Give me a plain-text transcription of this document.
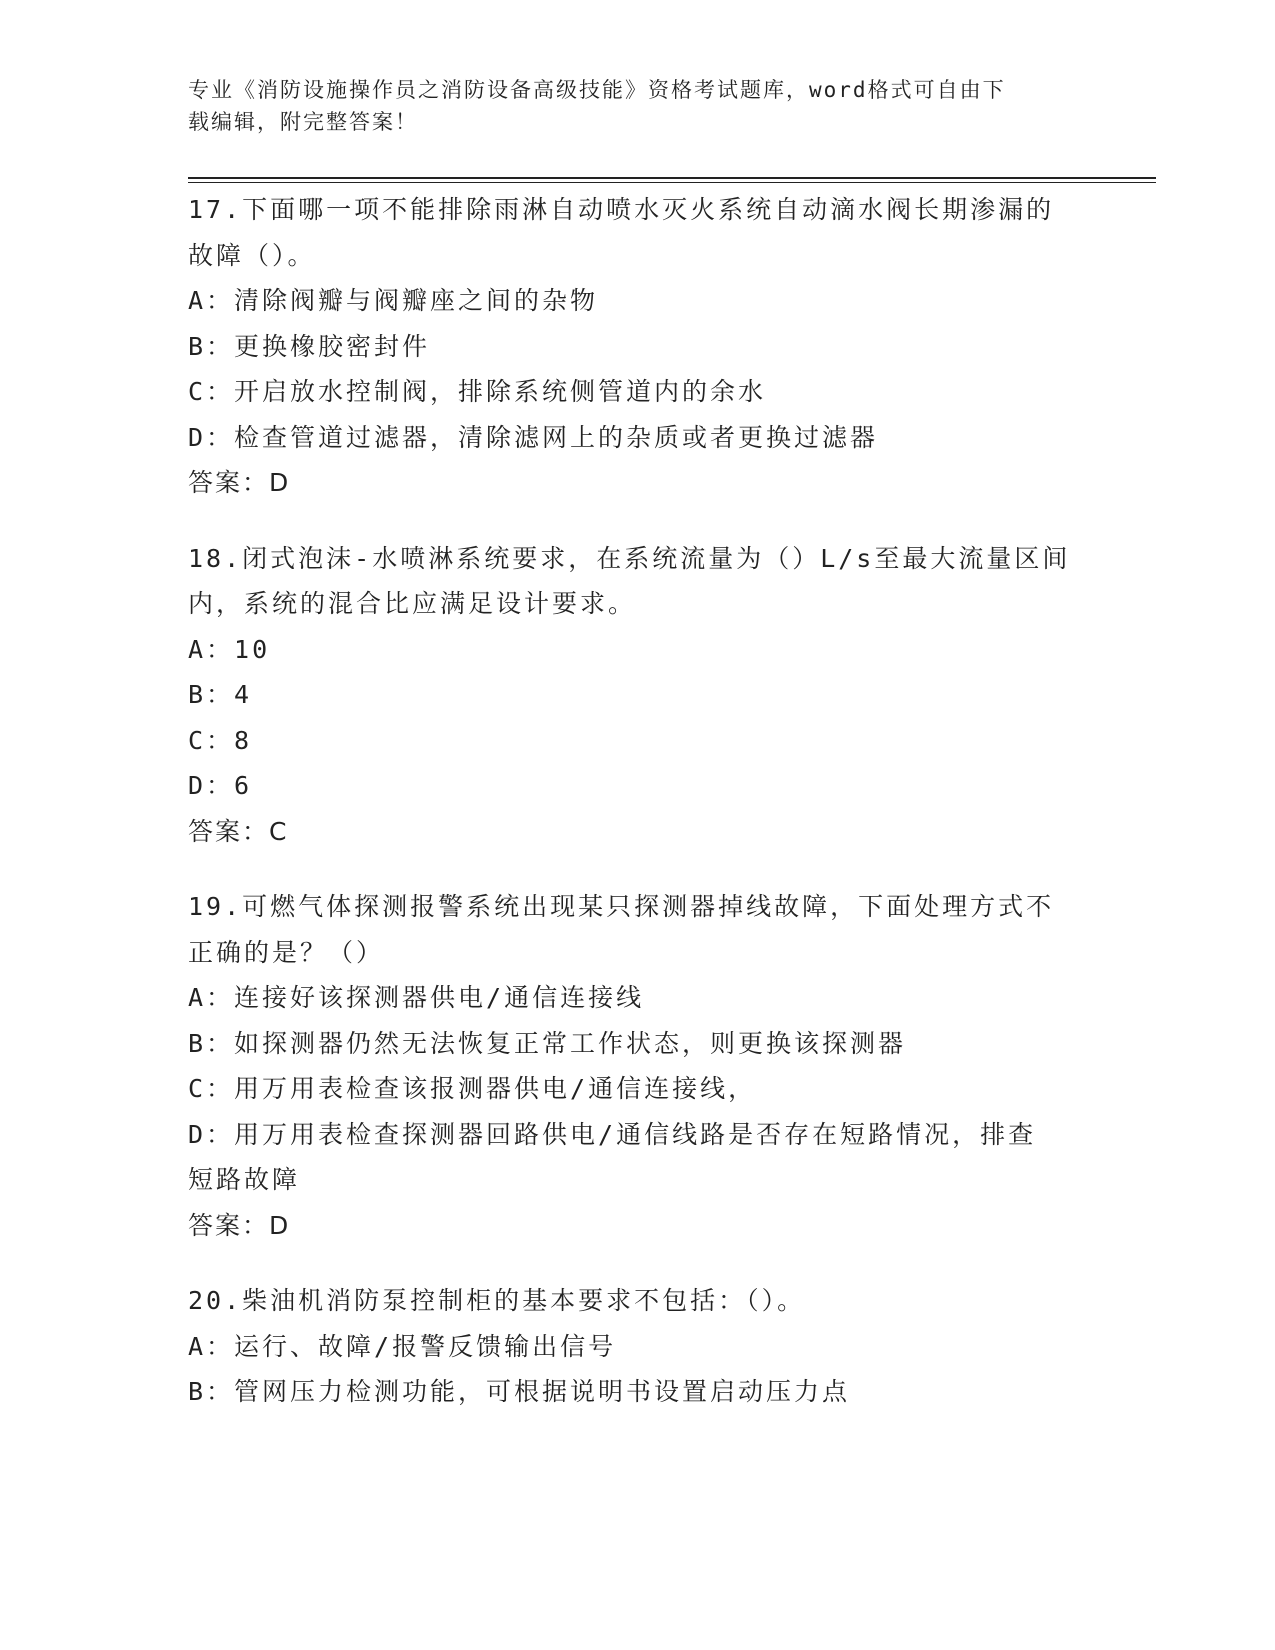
专业《消防设施操作员之消防设备高级技能》资格考试题库，word格式可自由下
载编辑，附完整答案！

17.下面哪一项不能排除雨淋自动喷水灭火系统自动滴水阀长期渗漏的

故障（）。

A：清除阀瓣与阀瓣座之间的杂物

B：更换橡胶密封件

C：开启放水控制阀，排除系统侧管道内的余水

D：检查管道过滤器，清除滤网上的杂质或者更换过滤器

答案：D

18.闭式泡沫-水喷淋系统要求，在系统流量为（）L/s至最大流量区间

内，系统的混合比应满足设计要求。

A：10

B：4

C：8

D：6

答案：C

19.可燃气体探测报警系统出现某只探测器掉线故障，下面处理方式不

正确的是？（）

A：连接好该探测器供电/通信连接线

B：如探测器仍然无法恢复正常工作状态，则更换该探测器

C：用万用表检查该报测器供电/通信连接线，

D：用万用表检查探测器回路供电/通信线路是否存在短路情况，排查

短路故障

答案：D

20.柴油机消防泵控制柜的基本要求不包括：（）。

A：运行、故障/报警反馈输出信号

B：管网压力检测功能，可根据说明书设置启动压力点
